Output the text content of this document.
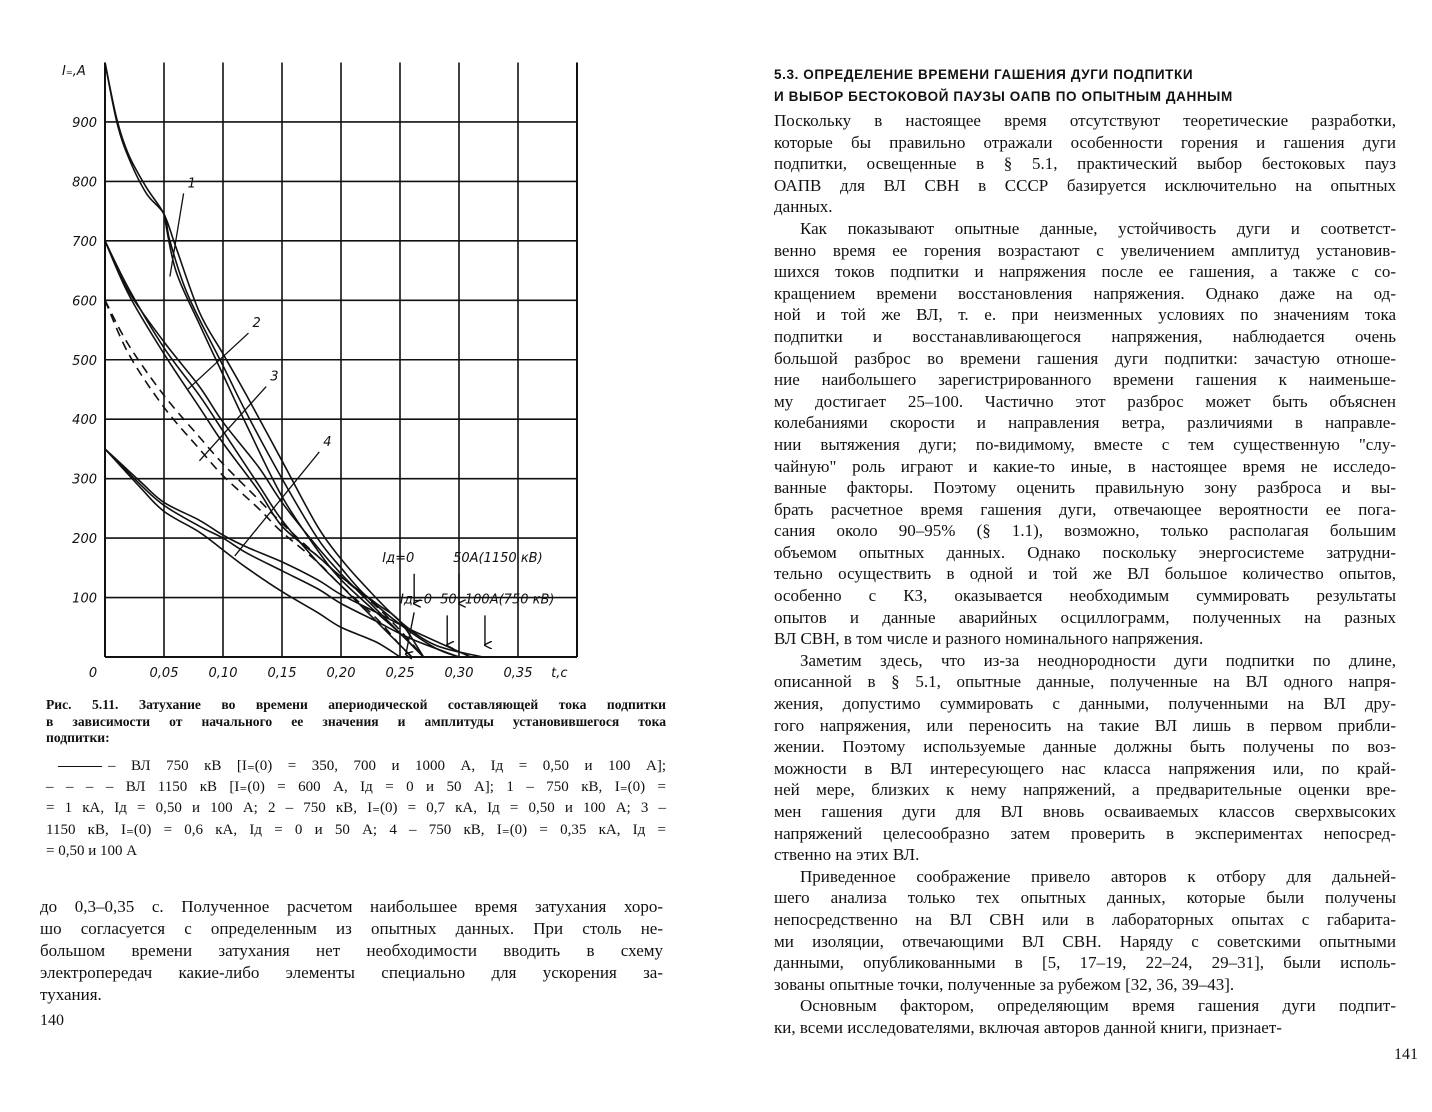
0	0,05 0,10 0,15 0,20 0,25 0,30 0,35 t,c
100
200
300
400
500
600
700
800
900
1
2
3
4
Iд=0	50A(1150 кВ)
Iд=0 50 100A(750 кВ)
I₌,A
Рис. 5.11. Затухание во времени апериодической составляющей тока подпитки
в зависимости от начального ее значения и амплитуды установившегося тока
подпитки:
– ВЛ 750 кВ [I₌(0) = 350, 700 и 1000 А, Iд = 0,50 и 100 А];
– – – – ВЛ 1150 кВ [I₌(0) = 600 А, Iд = 0 и 50 А]; 1 – 750 кВ, I₌(0) =
= 1 кА, Iд = 0,50 и 100 А; 2 – 750 кВ, I₌(0) = 0,7 кА, Iд = 0,50 и 100 А; 3 –
1150 кВ, I₌(0) = 0,6 кА, Iд = 0 и 50 А; 4 – 750 кВ, I₌(0) = 0,35 кА, Iд =
= 0,50 и 100 А
до 0,3–0,35 с. Полученное расчетом наибольшее время затухания хоро-
шо согласуется с определенным из опытных данных. При столь не-
большом времени затухания нет необходимости вводить в схему
электропередач какие-либо элементы специально для ускорения за-
тухания.
140
5.3. ОПРЕДЕЛЕНИЕ ВРЕМЕНИ ГАШЕНИЯ ДУГИ ПОДПИТКИ
И ВЫБОР БЕСТОКОВОЙ ПАУЗЫ ОАПВ ПО ОПЫТНЫМ ДАННЫМ
Поскольку в настоящее время отсутствуют теоретические разработки,
которые бы правильно отражали особенности горения и гашения дуги
подпитки, освещенные в § 5.1, практический выбор бестоковых пауз
ОАПВ для ВЛ СВН в СССР базируется исключительно на опытных
данных.
Как показывают опытные данные, устойчивость дуги и соответст-
венно время ее горения возрастают с увеличением амплитуд установив-
шихся токов подпитки и напряжения после ее гашения, а также с со-
кращением времени восстановления напряжения. Однако даже на од-
ной и той же ВЛ, т. е. при неизменных условиях по значениям тока
подпитки и восстанавливающегося напряжения, наблюдается очень
большой разброс во времени гашения дуги подпитки: зачастую отноше-
ние наибольшего зарегистрированного времени гашения к наименьше-
му достигает 25–100. Частично этот разброс может быть объяснен
колебаниями скорости и направления ветра, различиями в направле-
нии вытяжения дуги; по-видимому, вместе с тем существенную "слу-
чайную" роль играют и какие-то иные, в настоящее время не исследо-
ванные факторы. Поэтому оценить правильную зону разброса и вы-
брать расчетное время гашения дуги, отвечающее вероятности ее пога-
сания около 90–95% (§ 1.1), возможно, только располагая большим
объемом опытных данных. Однако поскольку энергосистеме затрудни-
тельно осуществить в одной и той же ВЛ большое количество опытов,
особенно с КЗ, оказывается необходимым суммировать результаты
опытов и данные аварийных осциллограмм, полученных на разных
ВЛ СВН, в том числе и разного номинального напряжения.
Заметим здесь, что из-за неоднородности дуги подпитки по длине,
описанной в § 5.1, опытные данные, полученные на ВЛ одного напря-
жения, допустимо суммировать с данными, полученными на ВЛ дру-
гого напряжения, или переносить на такие ВЛ лишь в первом прибли-
жении. Поэтому используемые данные должны быть получены по воз-
можности в ВЛ интересующего нас класса напряжения или, по край-
ней мере, близких к нему напряжений, а предварительные оценки вре-
мен гашения дуги для ВЛ вновь осваиваемых классов сверхвысоких
напряжений целесообразно затем проверить в экспериментах непосред-
ственно на этих ВЛ.
Приведенное соображение привело авторов к отбору для дальней-
шего анализа только тех опытных данных, которые были получены
непосредственно на ВЛ СВН или в лабораторных опытах с габарита-
ми изоляции, отвечающими ВЛ СВН. Наряду с советскими опытными
данными, опубликованными в [5, 17–19, 22–24, 29–31], были исполь-
зованы опытные точки, полученные за рубежом [32, 36, 39–43].
Основным фактором, определяющим время гашения дуги подпит-
ки, всеми исследователями, включая авторов данной книги, признает-
141
